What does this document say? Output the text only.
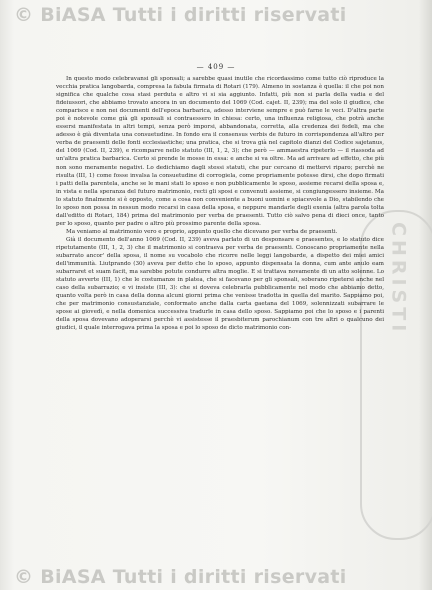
© BiASA Tutti i diritti riservati
CHRISTI
— 409 —

In questo modo celebravansi gli sponsali; a sarebbe quasi inutile che ricordassimo come tutto ciò riproduce la vecchia pratica langobarda, compresa la fabula firmata di Rotari (179). Almeno in sostanza è quella: il che poi non significa che qualche cosa stasi perduta e altro vi si sia aggiunto. Infatti, più non si parla della vadia e del fideiussori, che abbiamo trovato ancora in un documento del 1069 (Cod. cajet. II, 239); ma del solo il giudice, che comparisce e non nei documenti dell'epoca barbarica, adesso interviene sempre e può farne le veci. D'altra parte poi è notevole come già gli sponsali si contraessero in chiesa: certo, una influenza religiosa, che potrà anche essersi manifestata in altri tempi, senza però imporsi, abbandonata, corretta, alla credenza dei fedeli, ma che adesso è già diventata una consuetudine. In fondo era il consensus verbis de futuro in corrispondenza all'altro per verba de praesenti delle fonti ecclesiastiche; una pratica, che si trova già nel capitolo dianzi del Codice sajetanus, del 1069 (Cod. II, 239), e ricomparve nello statuto (III, 1, 2, 3); che però — ammaestra ripeterlo — il riassoda ad un'altra pratica barbarica. Certo si prende le mosse in essa: e anche si va oltre. Ma ad arrivare ad effetto, che più non sono meramente negativi. Lo dedichiamo dagli stessi statuti, che pur cercano di mettervi riparo; perchè ne risulta (III, 1) come fosse invalsa la consuetudine di corrogiela, come propriamente potesse dirsi, che dopo firmati i patti della parentela, anche se le mani stati lo sposo e non pubblicamente le sposo, assieme recarsi della sposa e, in vista e nella speranza del futuro matrimonio, recti gli sposi e convenuti assieme, si congiungessero insieme. Ma lo statuto finalmente si è opposto, come a cosa non conveniente a buoni uomini e spiacevole a Dio, stabilendo che lo sposo non possa in nessun modo recarsi in casa della sposa, e neppure mandarle degli exenia (altra parola tolta dall'editto di Rotari, 184) prima del matrimonio per verba de praesenti. Tutto ciò salvo pena di dieci once, tanto per lo sposo, quanto per padre o altro più prossimo parente della sposa.

Ma veniamo al matrimonio vero e proprio, appunto quello che dicevano per verba de praesenti.

Già il documento dell'anno 1069 (Cod. II, 239) aveva parlato di un desponsare e praesentes, e lo statuto dice ripetutamente (III, 1, 2, 3) che il matrimonio si contraeva per verba de praesenti. Conoscano propriamente nella subarrato ancor' della sposa, il nome su vocabolo che ricorre nelle leggi langobarde, a dispetto dei miei amici dell'immunità. Liutprando (30) aveva per detto che lo sposo, appunto dispensata la donna, cum ante anulo eam subarraret et suam facit, ma sarebbe potute condurre altra moglie. E si trattava novamente di un atto solenne. Lo statuto avverte (III, 1) che le costumanze in platea, che si facevano per gli sponsali, soberano ripetersi anche nel caso della subarrazio; e vi insiste (III, 3): che si doveva celebrarla pubblicamente nel modo che abbiamo detto, quanto volta però in casa della donna alcuni giorni prima che venisse tradotta in quella del marito. Sappiamo poi, che per matrimonio consustanziale, conformato anche dalla carta gaetana del 1069, solennizzati subarrare le spose ai giovedì, e nella domenica successiva tradurle in casa dello sposo. Sappiamo poi che lo sposo e i parenti della sposa dovevano adoperarsi perchè vi assistesse il praesbiterum parochianum con tre altri o qualcuno dei giudici, il quale interrogava prima la sposa e poi lo sposo de dicto matrimonio con-

© BiASA Tutti i diritti riservati
